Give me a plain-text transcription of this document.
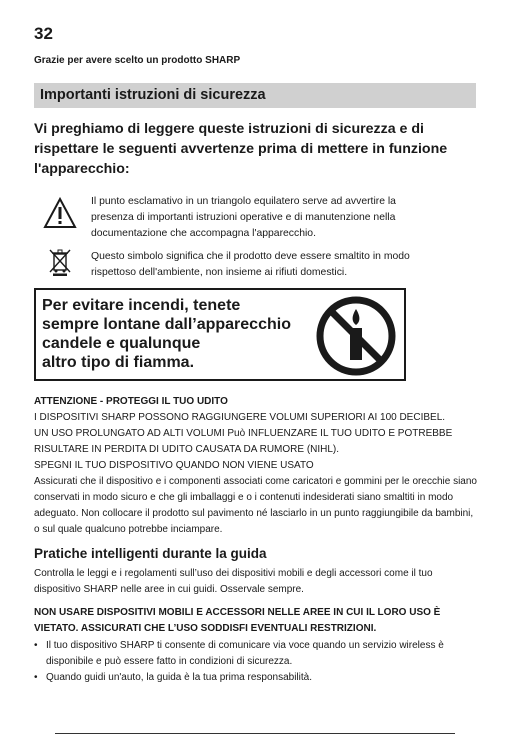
32
Grazie per avere scelto un prodotto SHARP
Importanti istruzioni di sicurezza
Vi preghiamo di leggere queste istruzioni di sicurezza e di rispettare le seguenti avvertenze prima di mettere in funzione l'apparecchio:
Il punto esclamativo in un triangolo equilatero serve ad avvertire la presenza di importanti istruzioni operative e di manutenzione nella documentazione che accompagna l'apparecchio.
Questo simbolo significa che il prodotto deve essere smaltito in modo rispettoso dell'ambiente, non insieme ai rifiuti domestici.
Per evitare incendi, tenete
sempre lontane dall’apparecchio
candele e qualunque
altro tipo di fiamma.
ATTENZIONE - PROTEGGI IL TUO UDITO
I DISPOSITIVI SHARP POSSONO RAGGIUNGERE VOLUMI SUPERIORI AI 100 DECIBEL.
UN USO PROLUNGATO AD ALTI VOLUMI Può INFLUENZARE IL TUO UDITO E POTREBBE RISULTARE IN PERDITA DI UDITO CAUSATA DA RUMORE (NIHL).
SPEGNI IL TUO DISPOSITIVO QUANDO NON VIENE USATO
Assicurati che il dispositivo e i componenti associati come caricatori e gommini per le orecchie siano conservati in modo sicuro e che gli imballaggi e o i contenuti indesiderati siano smaltiti in modo adeguato. Non collocare il prodotto sul pavimento né lasciarlo in un punto raggiungibile da bambini, o sul quale qualcuno potrebbe inciampare.
Pratiche intelligenti durante la guida
Controlla le leggi e i regolamenti sull’uso dei dispositivi mobili e degli accessori come il tuo dispositivo SHARP nelle aree in cui guidi. Osservale sempre.
NON USARE DISPOSITIVI MOBILI E ACCESSORI NELLE AREE IN CUI IL LORO USO È VIETATO. ASSICURATI CHE L’USO SODDISFI EVENTUALI RESTRIZIONI.
• Il tuo dispositivo SHARP ti consente di comunicare via voce quando un servizio wireless è disponibile e può essere fatto in condizioni di sicurezza.
• Quando guidi un'auto, la guida è la tua prima responsabilità.
